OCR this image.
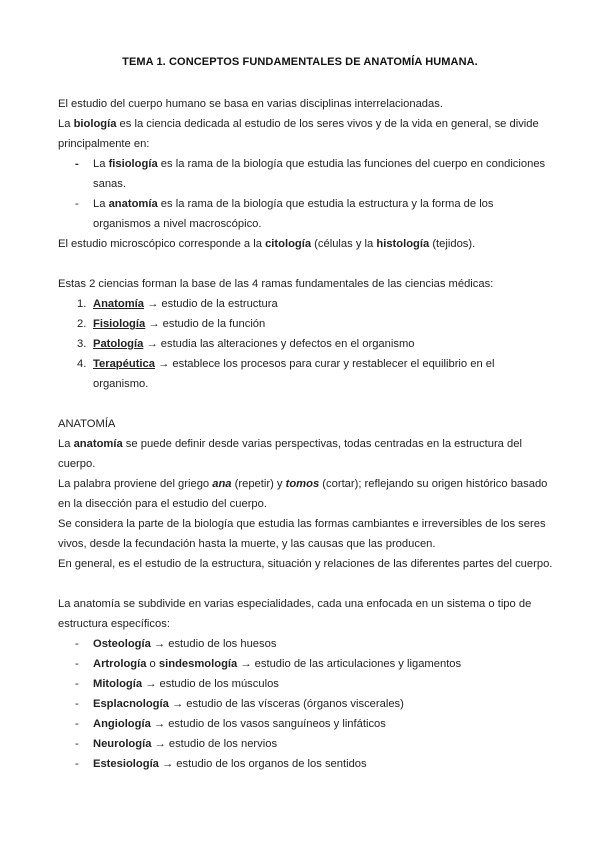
TEMA 1. CONCEPTOS FUNDAMENTALES DE ANATOMÍA HUMANA.
El estudio del cuerpo humano se basa en varias disciplinas interrelacionadas.
La biología es la ciencia dedicada al estudio de los seres vivos y de la vida en general, se divide
principalmente en:
- La fisiología es la rama de la biología que estudia las funciones del cuerpo en condiciones
sanas.
- La anatomía es la rama de la biología que estudia la estructura y la forma de los
organismos a nivel macroscópico.
El estudio microscópico corresponde a la citología (células y la histología (tejidos).
Estas 2 ciencias forman la base de las 4 ramas fundamentales de las ciencias médicas:
1. Anatomía → estudio de la estructura
2. Fisiología → estudio de la función
3. Patología → estudia las alteraciones y defectos en el organismo
4. Terapéutica → establece los procesos para curar y restablecer el equilibrio en el
organismo.
ANATOMÍA
La anatomía se puede definir desde varias perspectivas, todas centradas en la estructura del
cuerpo.
La palabra proviene del griego ana (repetir) y tomos (cortar); reflejando su origen histórico basado
en la disección para el estudio del cuerpo.
Se considera la parte de la biología que estudia las formas cambiantes e irreversibles de los seres
vivos, desde la fecundación hasta la muerte, y las causas que las producen.
En general, es el estudio de la estructura, situación y relaciones de las diferentes partes del cuerpo.
La anatomía se subdivide en varias especialidades, cada una enfocada en un sistema o tipo de
estructura específicos:
- Osteología → estudio de los huesos
- Artrología o sindesmología → estudio de las articulaciones y ligamentos
- Mitología → estudio de los músculos
- Esplacnología → estudio de las vísceras (órganos viscerales)
- Angiología → estudio de los vasos sanguíneos y linfáticos
- Neurología → estudio de los nervios
- Estesiología → estudio de los organos de los sentidos
